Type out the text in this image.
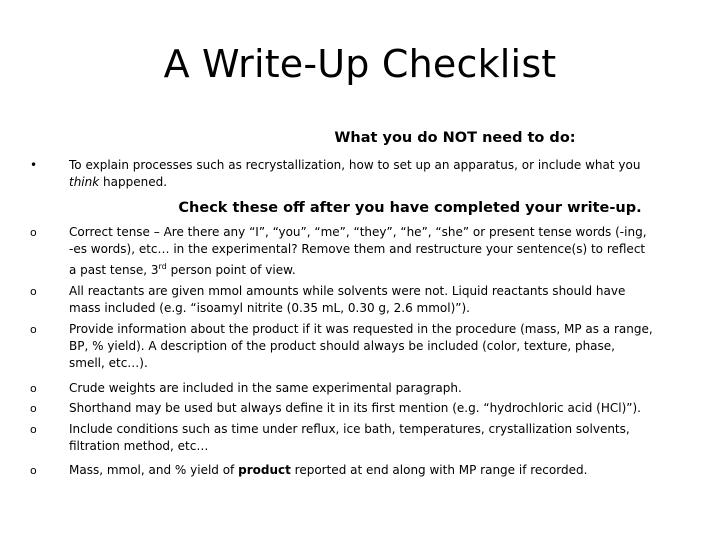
A Write-Up Checklist
What you do NOT need to do:
•	To explain processes such as recrystallization, how to set up an apparatus, or include what you think happened.
Check these off after you have completed your write-up.
o	Correct tense – Are there any “I”, “you”, “me”, “they”, “he”, “she” or present tense words (-ing, -es words), etc… in the experimental? Remove them and restructure your sentence(s) to reflect a past tense, 3rd person point of view.
o	All reactants are given mmol amounts while solvents were not. Liquid reactants should have mass included (e.g. “isoamyl nitrite (0.35 mL, 0.30 g, 2.6 mmol)”).
o	Provide information about the product if it was requested in the procedure (mass, MP as a range, BP, % yield). A description of the product should always be included (color, texture, phase, smell, etc…).
o	Crude weights are included in the same experimental paragraph.
o	Shorthand may be used but always define it in its first mention (e.g. “hydrochloric acid (HCl)”).
o	Include conditions such as time under reflux, ice bath, temperatures, crystallization solvents, filtration method, etc…
o	Mass, mmol, and % yield of product reported at end along with MP range if recorded.
